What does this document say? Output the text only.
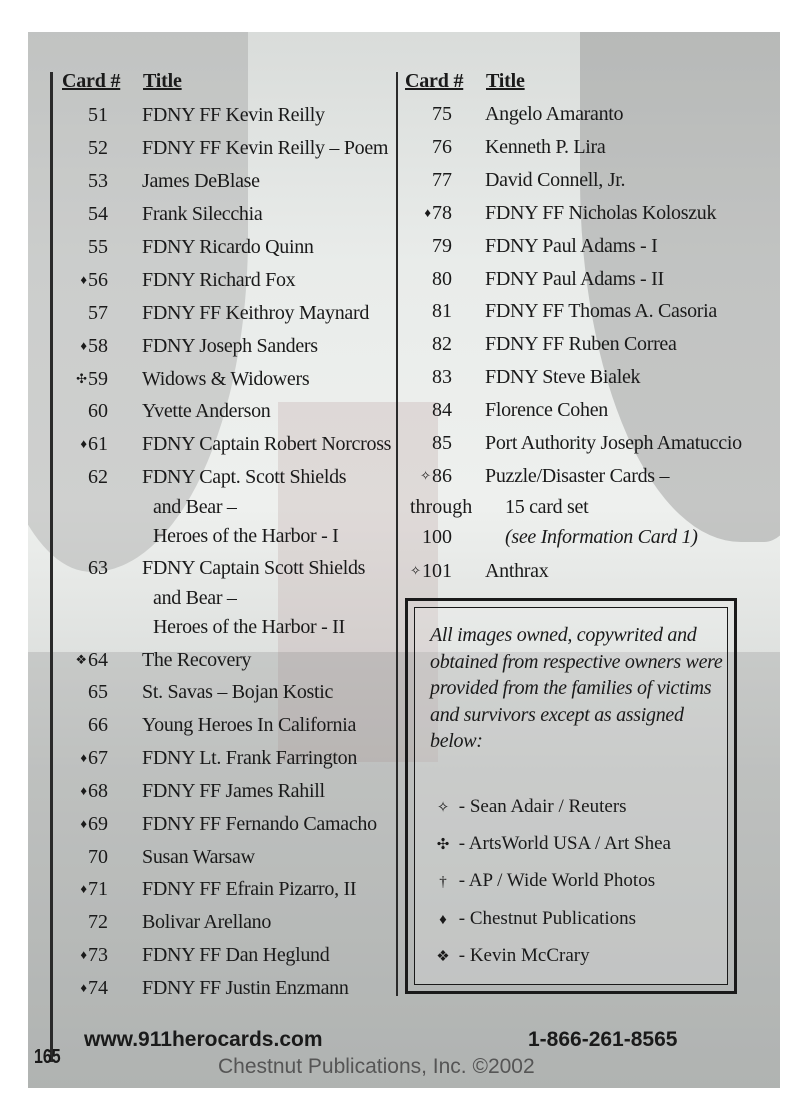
Card # Title	Card # Title
51 FDNY FF Kevin Reilly
52 FDNY FF Kevin Reilly – Poem
53 James DeBlase
54 Frank Silecchia
55 FDNY Ricardo Quinn
♦56 FDNY Richard Fox
57 FDNY FF Keithroy Maynard
♦58 FDNY Joseph Sanders
✣59 Widows & Widowers
60 Yvette Anderson
♦61 FDNY Captain Robert Norcross
62 FDNY Capt. Scott Shields
and Bear –
Heroes of the Harbor - I
63 FDNY Captain Scott Shields
and Bear –
Heroes of the Harbor - II
❖64 The Recovery
65 St. Savas – Bojan Kostic
66 Young Heroes In California
♦67 FDNY Lt. Frank Farrington
♦68 FDNY FF James Rahill
♦69 FDNY FF Fernando Camacho
70 Susan Warsaw
♦71 FDNY FF Efrain Pizarro, II
72 Bolivar Arellano
♦73 FDNY FF Dan Heglund
♦74 FDNY FF Justin Enzmann
75 Angelo Amaranto
76 Kenneth P. Lira
77 David Connell, Jr.
♦78 FDNY FF Nicholas Koloszuk
79 FDNY Paul Adams - I
80 FDNY Paul Adams - II
81 FDNY FF Thomas A. Casoria
82 FDNY FF Ruben Correa
83 FDNY Steve Bialek
84 Florence Cohen
85 Port Authority Joseph Amatuccio
✧86 Puzzle/Disaster Cards –
through 15 card set
100	(see Information Card 1)
✧101 Anthrax
All images owned, copywrited and obtained from respective owners were provided from the families of victims and survivors except as assigned below:
✧ - Sean Adair / Reuters
✣ - ArtsWorld USA / Art Shea
† - AP / Wide World Photos
♦ - Chestnut Publications
❖ - Kevin McCrary
www.911herocards.com	1-866-261-8565
Chestnut Publications, Inc. ©2002
165
